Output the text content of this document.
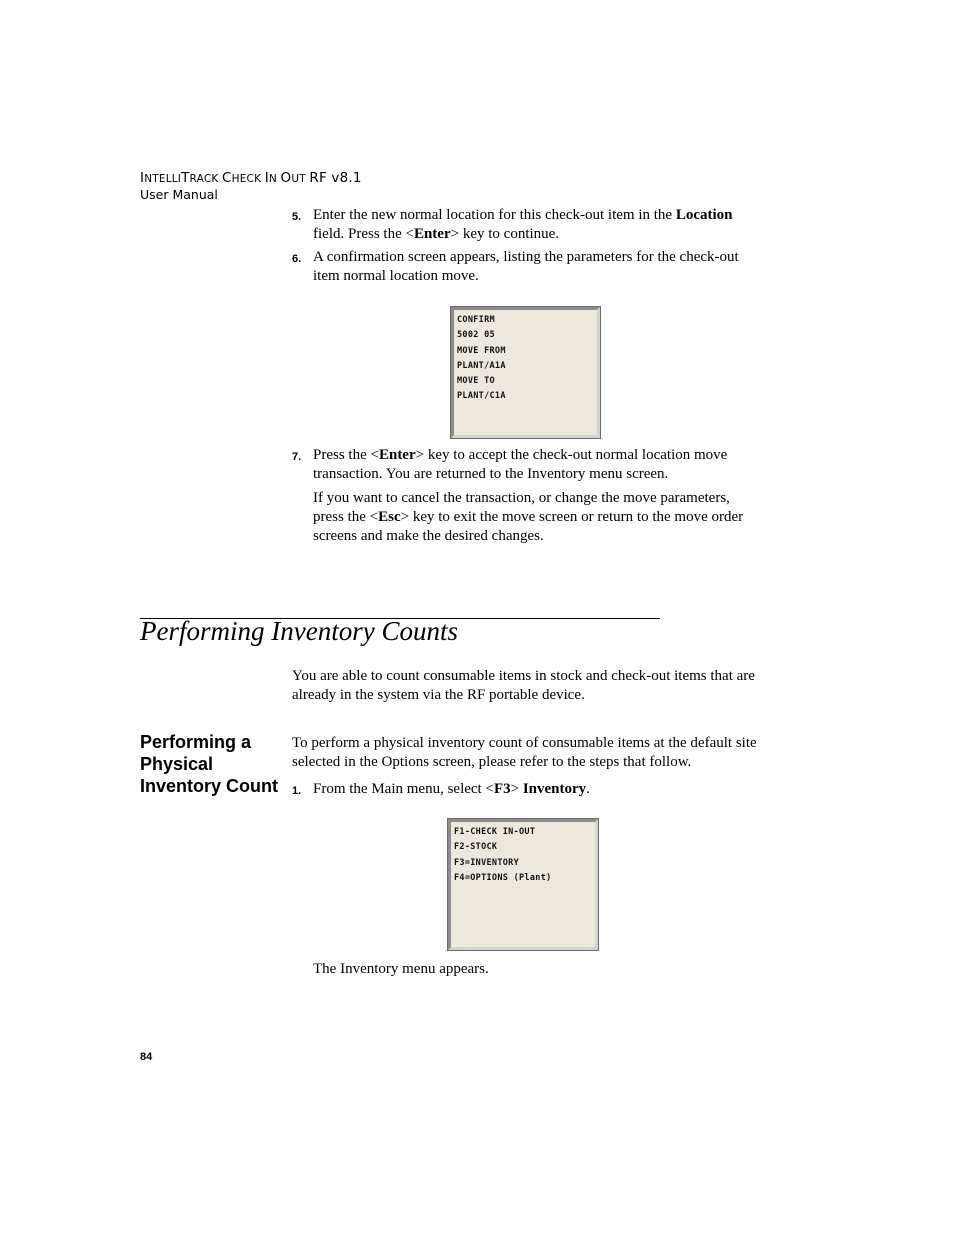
INTELLITRACK CHECK IN OUT RF v8.1
User Manual
5. Enter the new normal location for this check-out item in the Location field. Press the <Enter> key to continue.
6. A confirmation screen appears, listing the parameters for the check-out item normal location move.
CONFIRM
5002 05
MOVE FROM
PLANT/A1A
MOVE TO
PLANT/C1A
7. Press the <Enter> key to accept the check-out normal location move transaction. You are returned to the Inventory menu screen.
If you want to cancel the transaction, or change the move parameters, press the <Esc> key to exit the move screen or return to the move order screens and make the desired changes.
Performing Inventory Counts
You are able to count consumable items in stock and check-out items that are already in the system via the RF portable device.
Performing a Physical Inventory Count
To perform a physical inventory count of consumable items at the default site selected in the Options screen, please refer to the steps that follow.
1. From the Main menu, select <F3> Inventory.
F1-CHECK IN-OUT
F2-STOCK
F3=INVENTORY
F4=OPTIONS (Plant)
The Inventory menu appears.
84
